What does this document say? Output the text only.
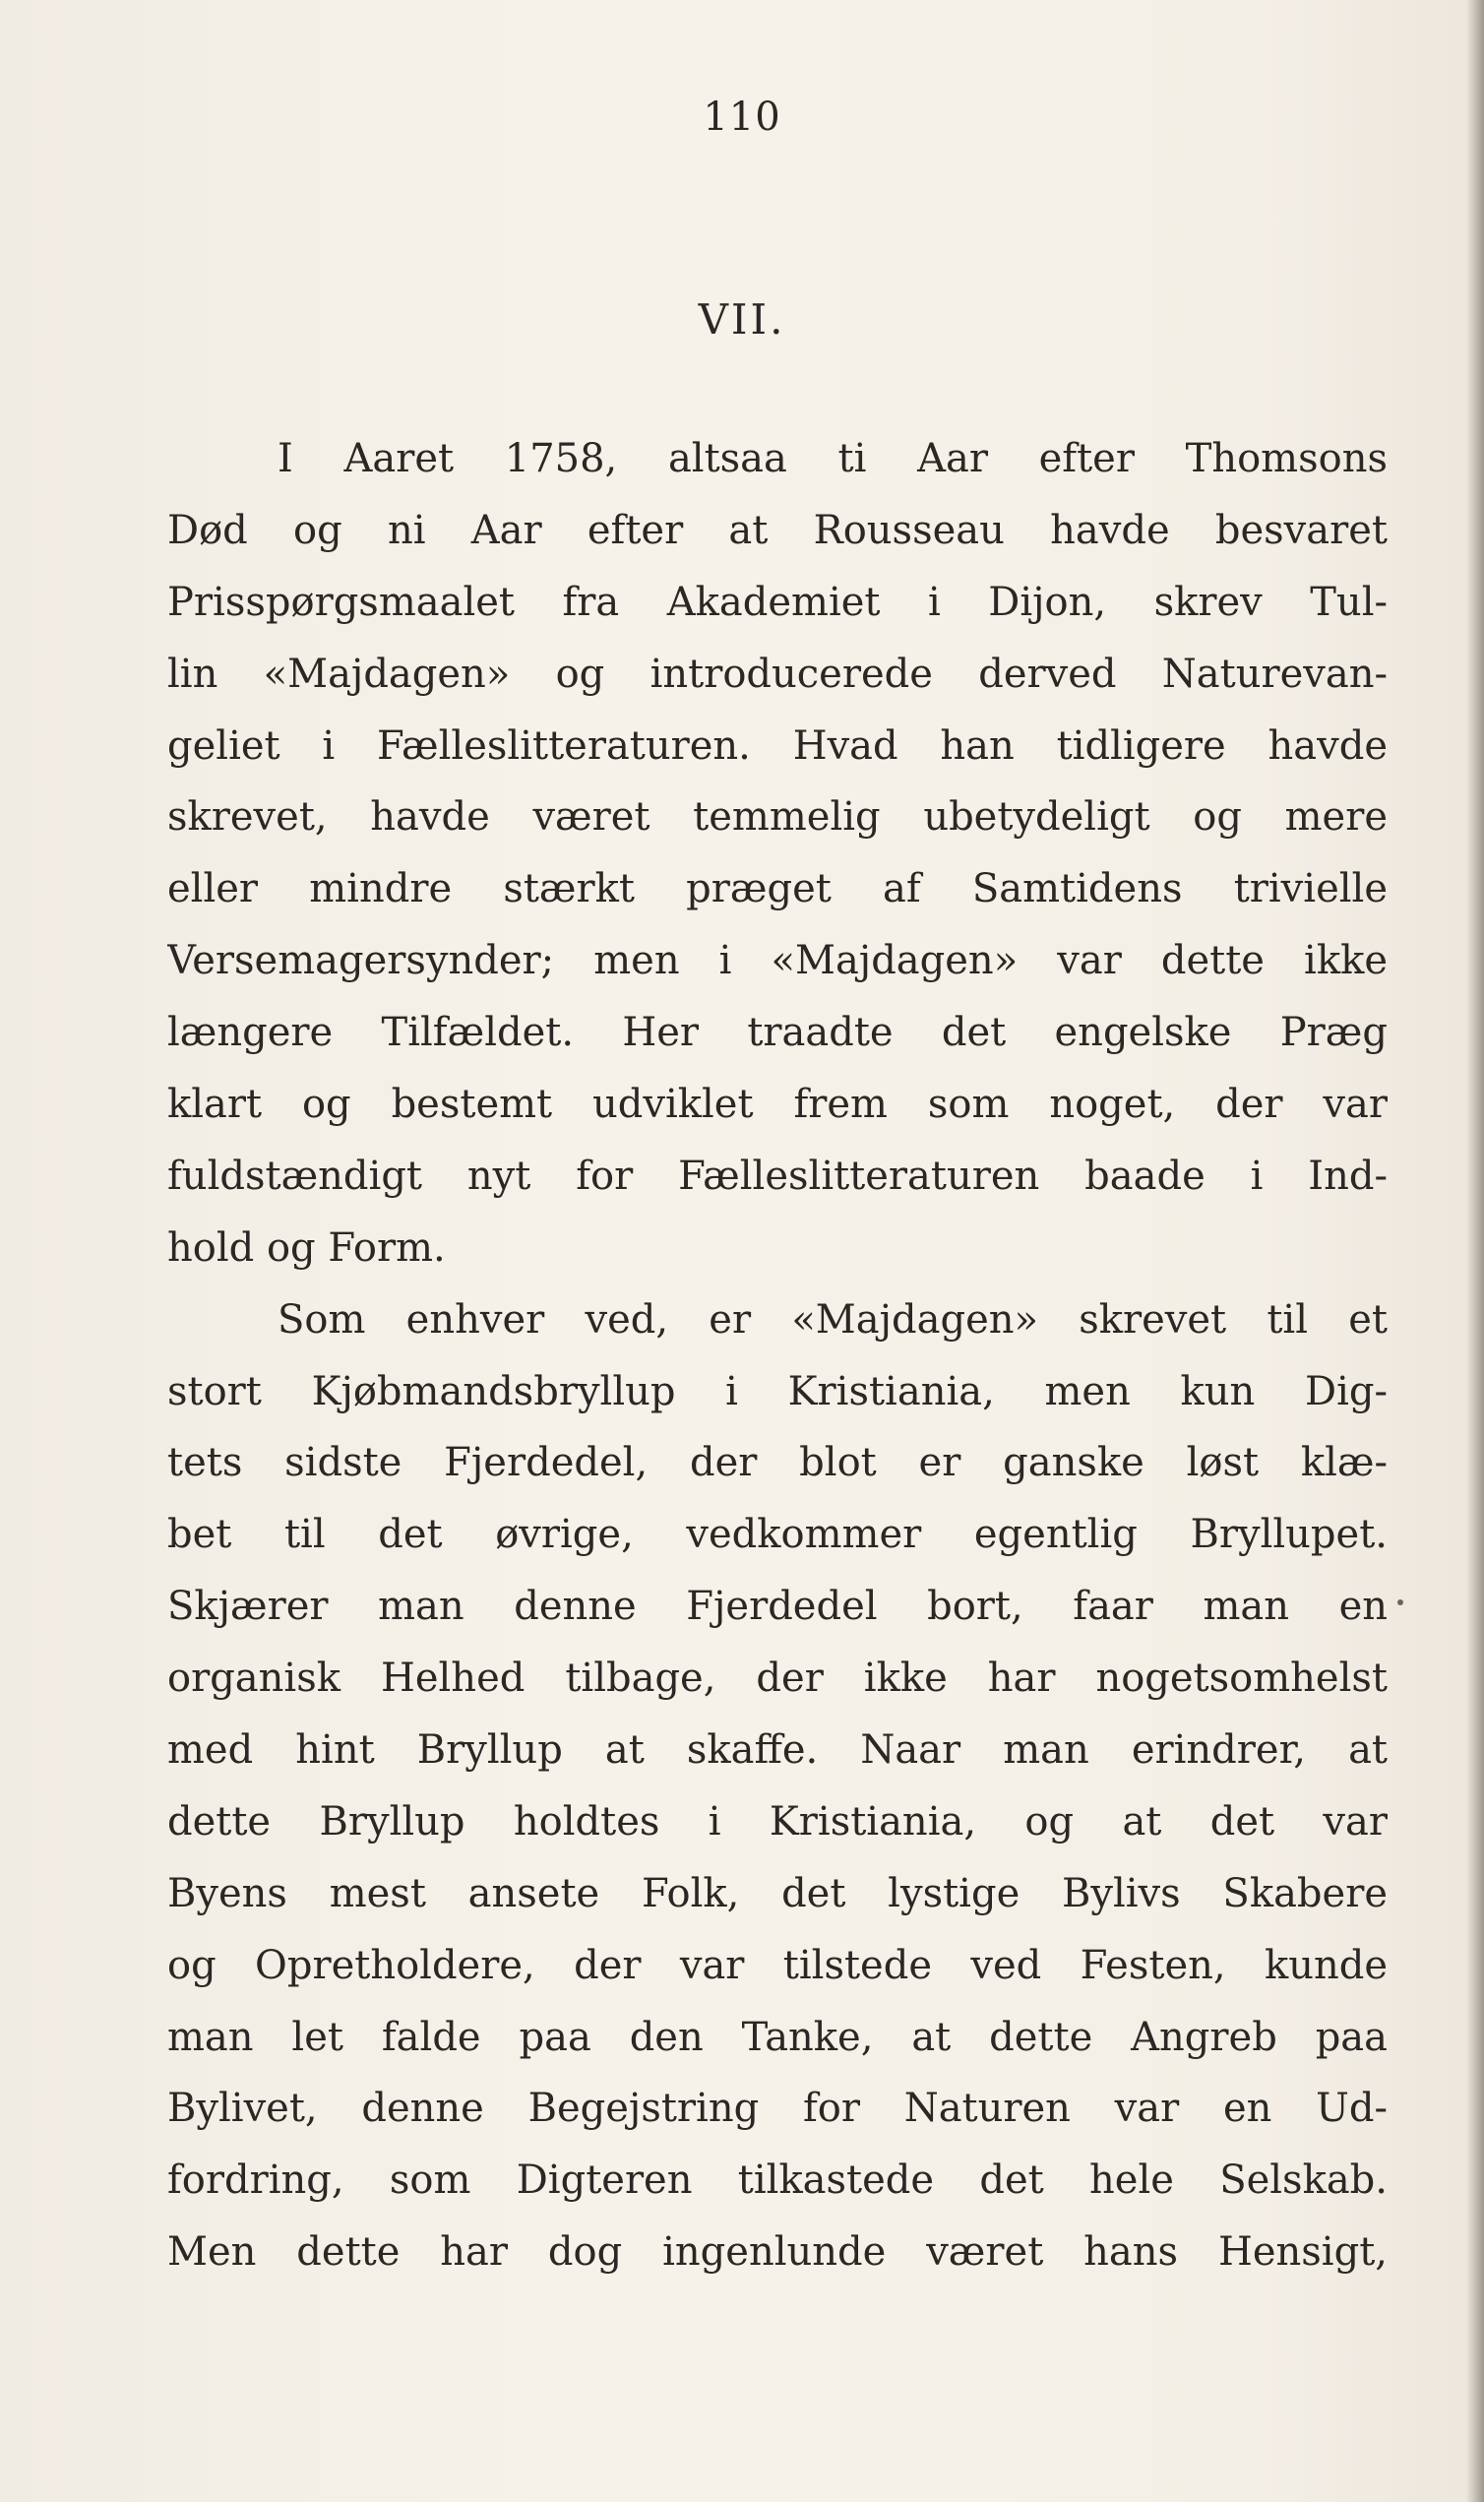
110
VII.
I Aaret 1758, altsaa ti Aar efter Thomsons
Død og ni Aar efter at Rousseau havde besvaret
Prisspørgsmaalet fra Akademiet i Dijon, skrev Tul-
lin «Majdagen» og introducerede derved Naturevan-
geliet i Fælleslitteraturen. Hvad han tidligere havde
skrevet, havde været temmelig ubetydeligt og mere
eller mindre stærkt præget af Samtidens trivielle
Versemagersynder; men i «Majdagen» var dette ikke
længere Tilfældet. Her traadte det engelske Præg
klart og bestemt udviklet frem som noget, der var
fuldstændigt nyt for Fælleslitteraturen baade i Ind-
hold og Form.
Som enhver ved, er «Majdagen» skrevet til et
stort Kjøbmandsbryllup i Kristiania, men kun Dig-
tets sidste Fjerdedel, der blot er ganske løst klæ-
bet til det øvrige, vedkommer egentlig Bryllupet.
Skjærer man denne Fjerdedel bort, faar man en
organisk Helhed tilbage, der ikke har nogetsomhelst
med hint Bryllup at skaffe. Naar man erindrer, at
dette Bryllup holdtes i Kristiania, og at det var
Byens mest ansete Folk, det lystige Bylivs Skabere
og Opretholdere, der var tilstede ved Festen, kunde
man let falde paa den Tanke, at dette Angreb paa
Bylivet, denne Begejstring for Naturen var en Ud-
fordring, som Digteren tilkastede det hele Selskab.
Men dette har dog ingenlunde været hans Hensigt,
